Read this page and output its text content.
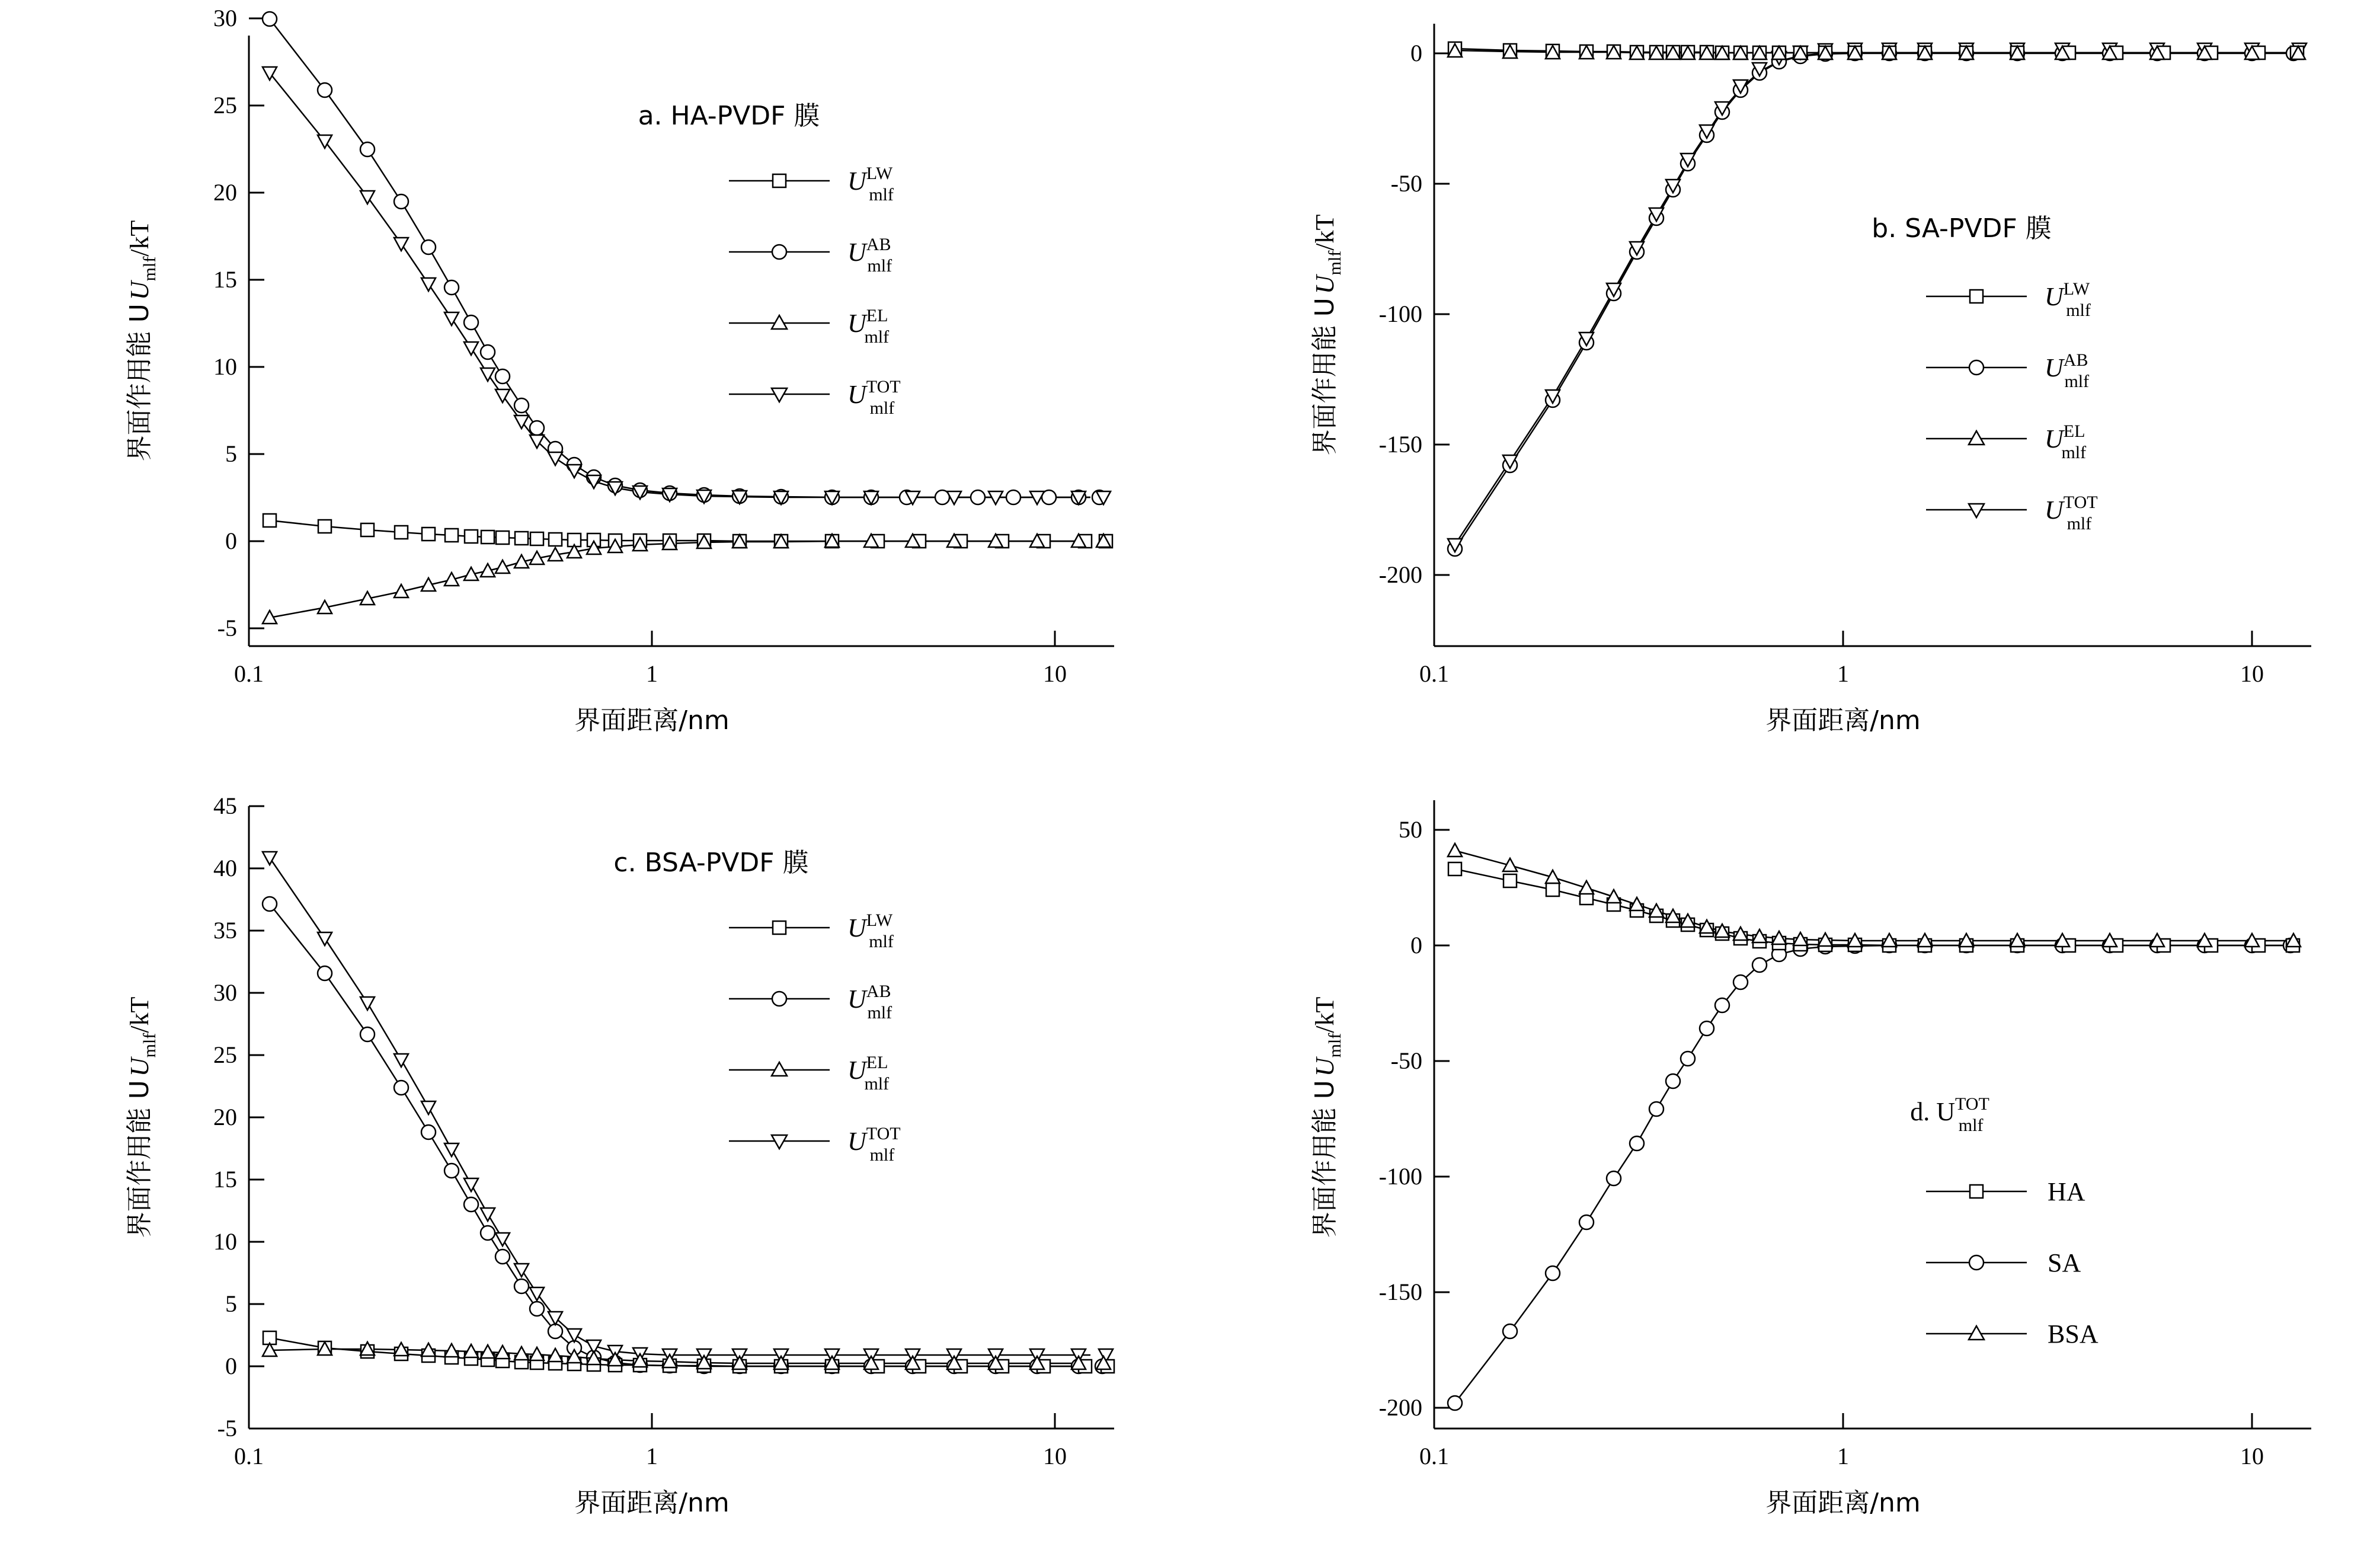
-5
0
5
10
15
20
25
30
0.1	1	10
界面距离/nm
界面作用能 $UU_{mlf}/kT$
a. HA-PVDF 膜
$U^{LW}$ mlf
$U^{AB}$ mlf
$U^{EL}$ mlf
$U^{TOT}$ mlf
-200
-150
-100
-50
0
0.1	1	10
界面距离/nm
界面作用能 $UU_{mlf}/kT$	b. SA-PVDF 膜
$U^{LW}$ mlf
$U^{AB}$ mlf
$U^{EL}$ mlf
$U^{TOT}$ mlf
-5
0
5
10
15
20
25
30
35
40
45
0.1	1	10
界面距离/nm
界面作用能 $UU_{mlf}/kT$
c. BSA-PVDF 膜
$U^{LW}$ mlf
$U^{AB}$ mlf
$U^{EL}$ mlf
$U^{TOT}$ mlf
-200
-150
-100
-50
0
50
0.1	1	10
界面距离/nm
界面作用能 $UU_{mlf}/kT$
d. $U^{TOT}$ mlf
HA
SA
BSA
